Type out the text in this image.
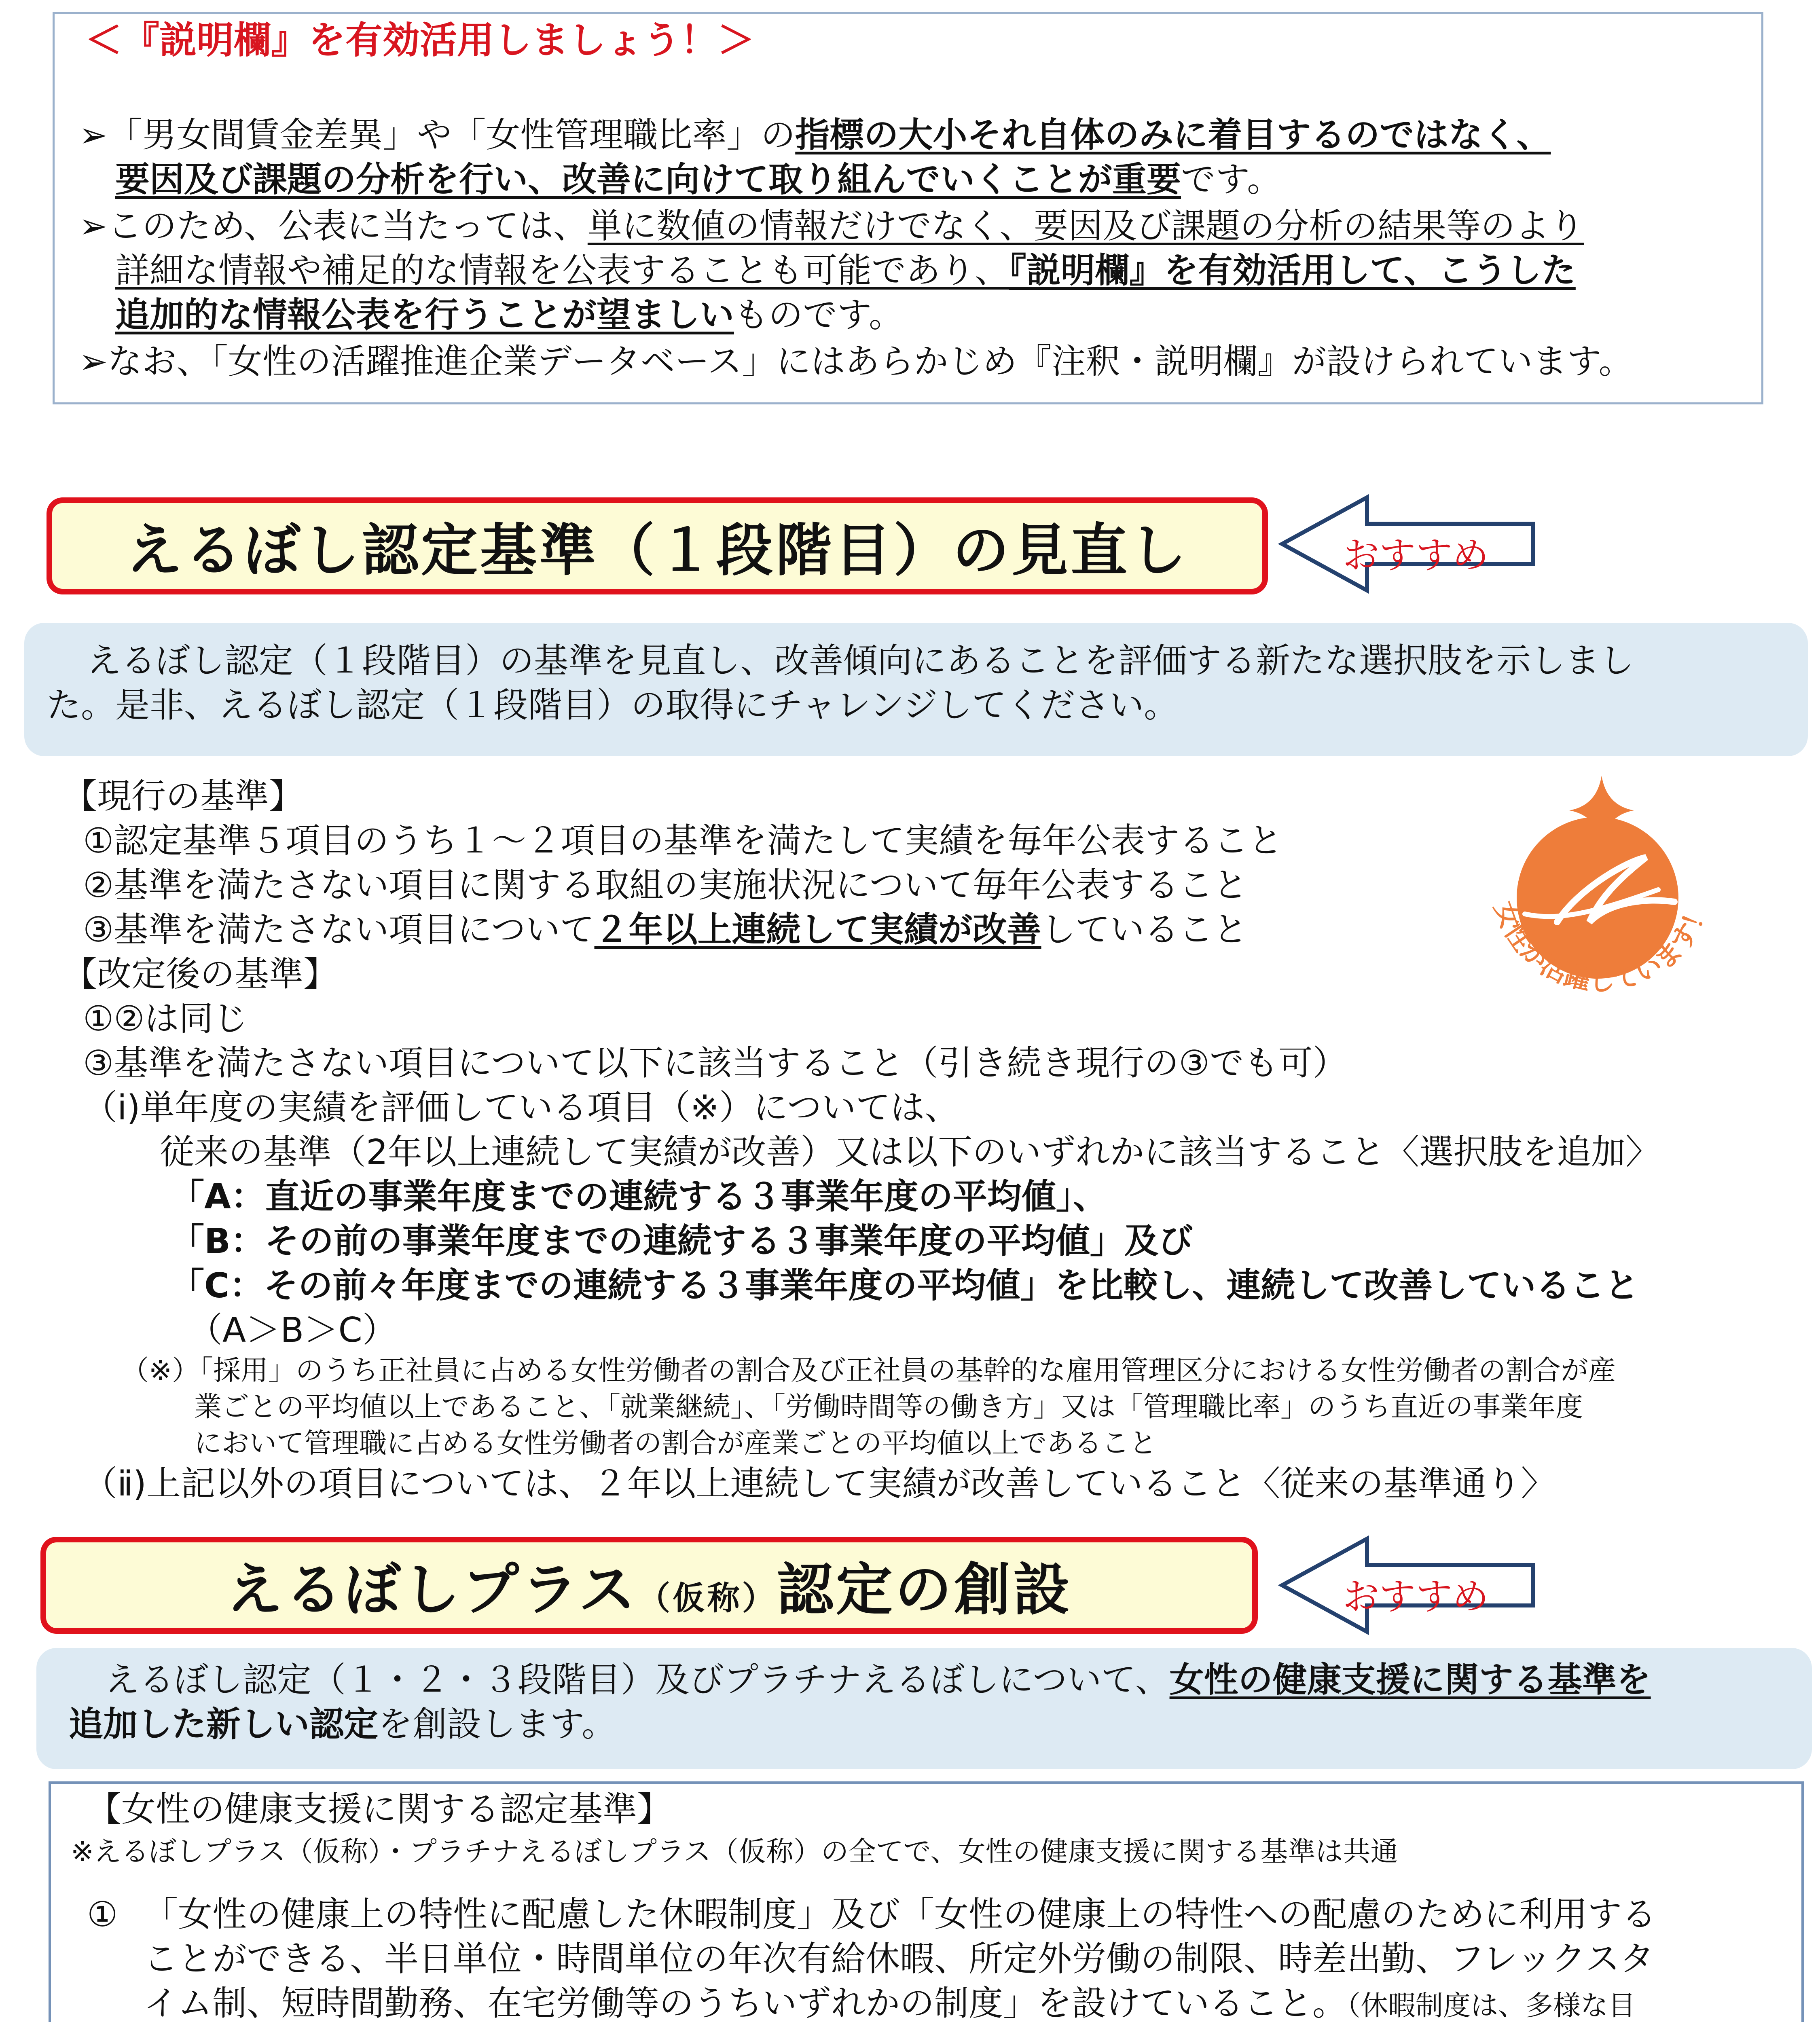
＜『説明欄』を有効活用しましょう！＞
➢「男女間賃金差異」や「女性管理職比率」の指標の大小それ自体のみに着目するのではなく、
要因及び課題の分析を行い、改善に向けて取り組んでいくことが重要です。
➢このため、公表に当たっては、単に数値の情報だけでなく、要因及び課題の分析の結果等のより
詳細な情報や補足的な情報を公表することも可能であり、『説明欄』を有効活用して、こうした
追加的な情報公表を行うことが望ましいものです。
➢なお、「女性の活躍推進企業データベース」にはあらかじめ『注釈・説明欄』が設けられています。
えるぼし認定基準（１段階目）の見直し	おすすめ
えるぼし認定（１段階目）の基準を見直し、改善傾向にあることを評価する新たな選択肢を示しまし
た。是非、えるぼし認定（１段階目）の取得にチャレンジしてください。
【現行の基準】
①認定基準５項目のうち１～２項目の基準を満たして実績を毎年公表すること
②基準を満たさない項目に関する取組の実施状況について毎年公表すること
③基準を満たさない項目について２年以上連続して実績が改善していること	女性が活躍しています！
【改定後の基準】
①②は同じ
③基準を満たさない項目について以下に該当すること（引き続き現行の③でも可）
（ⅰ)単年度の実績を評価している項目（※）については、
従来の基準（2年以上連続して実績が改善）又は以下のいずれかに該当すること〈選択肢を追加〉
「A：直近の事業年度までの連続する３事業年度の平均値」、
「B：その前の事業年度までの連続する３事業年度の平均値」及び
「C：その前々年度までの連続する３事業年度の平均値」を比較し、連続して改善していること
（A＞B＞C）
（※）「採用」のうち正社員に占める女性労働者の割合及び正社員の基幹的な雇用管理区分における女性労働者の割合が産
業ごとの平均値以上であること、「就業継続」、「労働時間等の働き方」又は「管理職比率」のうち直近の事業年度
において管理職に占める女性労働者の割合が産業ごとの平均値以上であること
（ⅱ)上記以外の項目については、２年以上連続して実績が改善していること〈従来の基準通り〉
えるぼしプラス（仮称）認定の創設	おすすめ
えるぼし認定（１・２・３段階目）及びプラチナえるぼしについて、女性の健康支援に関する基準を
追加した新しい認定を創設します。
【女性の健康支援に関する認定基準】
※えるぼしプラス（仮称）・プラチナえるぼしプラス（仮称）の全てで、女性の健康支援に関する基準は共通
① 「女性の健康上の特性に配慮した休暇制度」及び「女性の健康上の特性への配慮のために利用する
ことができる、半日単位・時間単位の年次有給休暇、所定外労働の制限、時差出勤、フレックスタ
イム制、短時間勤務、在宅労働等のうちいずれかの制度」を設けていること。（休暇制度は、多様な目
